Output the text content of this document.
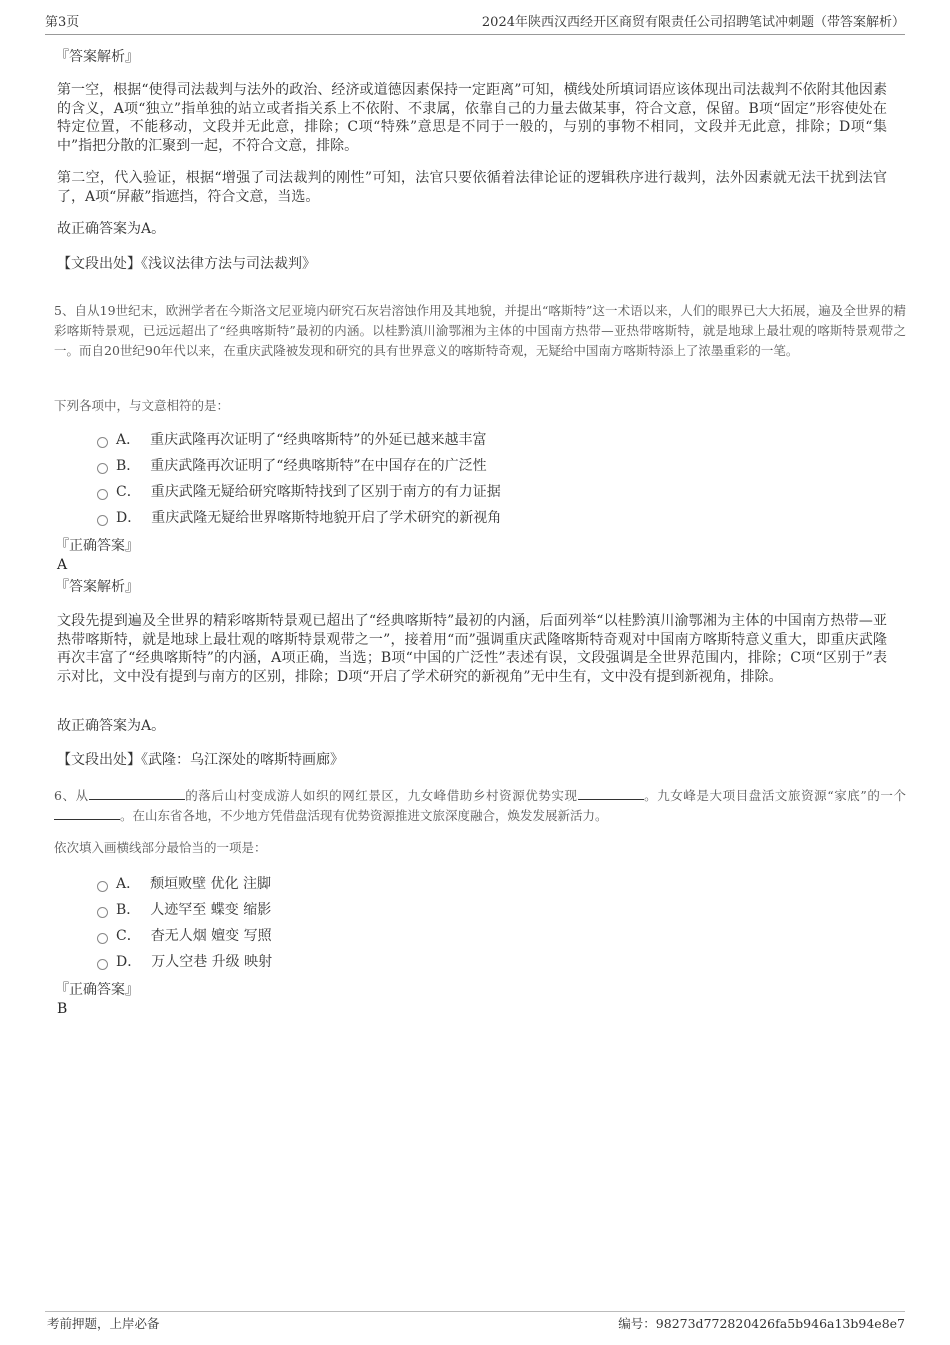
第3页	2024年陕西汉西经开区商贸有限责任公司招聘笔试冲刺题（带答案解析）
『答案解析』
第一空，根据“使得司法裁判与法外的政治、经济或道德因素保持一定距离”可知，横线处所填词语应该体现出司法裁判不依附其他因素的含义，A项“独立”指单独的站立或者指关系上不依附、不隶属，依靠自己的力量去做某事，符合文意，保留。B项“固定”形容使处在特定位置，不能移动，文段并无此意，排除；C项“特殊”意思是不同于一般的，与别的事物不相同，文段并无此意，排除；D项“集中”指把分散的汇聚到一起，不符合文意，排除。
第二空，代入验证，根据“增强了司法裁判的刚性”可知，法官只要依循着法律论证的逻辑秩序进行裁判，法外因素就无法干扰到法官了，A项“屏蔽”指遮挡，符合文意，当选。
故正确答案为A。
【文段出处】《浅议法律方法与司法裁判》
5、自从19世纪末，欧洲学者在今斯洛文尼亚境内研究石灰岩溶蚀作用及其地貌，并提出“喀斯特”这一术语以来，人们的眼界已大大拓展，遍及全世界的精彩喀斯特景观，已远远超出了“经典喀斯特”最初的内涵。以桂黔滇川渝鄂湘为主体的中国南方热带—亚热带喀斯特，就是地球上最壮观的喀斯特景观带之一。而自20世纪90年代以来，在重庆武隆被发现和研究的具有世界意义的喀斯特奇观，无疑给中国南方喀斯特添上了浓墨重彩的一笔。
下列各项中，与文意相符的是：
A． 重庆武隆再次证明了“经典喀斯特”的外延已越来越丰富
B． 重庆武隆再次证明了“经典喀斯特”在中国存在的广泛性
C． 重庆武隆无疑给研究喀斯特找到了区别于南方的有力证据
D． 重庆武隆无疑给世界喀斯特地貌开启了学术研究的新视角
『正确答案』
A
『答案解析』
文段先提到遍及全世界的精彩喀斯特景观已超出了“经典喀斯特”最初的内涵，后面列举“以桂黔滇川渝鄂湘为主体的中国南方热带—亚热带喀斯特，就是地球上最壮观的喀斯特景观带之一”，接着用“而”强调重庆武隆喀斯特奇观对中国南方喀斯特意义重大，即重庆武隆再次丰富了“经典喀斯特”的内涵，A项正确，当选；B项“中国的广泛性”表述有误，文段强调是全世界范围内，排除；C项“区别于”表示对比，文中没有提到与南方的区别，排除；D项“开启了学术研究的新视角”无中生有，文中没有提到新视角，排除。
故正确答案为A。
【文段出处】《武隆：乌江深处的喀斯特画廊》
6、从	的落后山村变成游人如织的网红景区，九女峰借助乡村资源优势实现	。九女峰是大项目盘活文旅资源“家底”的一个。在山东省各地，不少地方凭借盘活现有优势资源推进文旅深度融合，焕发发展新活力。
依次填入画横线部分最恰当的一项是：
A． 颓垣败壁 优化 注脚
B． 人迹罕至 蝶变 缩影
C． 杳无人烟 嬗变 写照
D． 万人空巷 升级 映射
『正确答案』
B
考前押题，上岸必备	编号：98273d772820426fa5b946a13b94e8e7
